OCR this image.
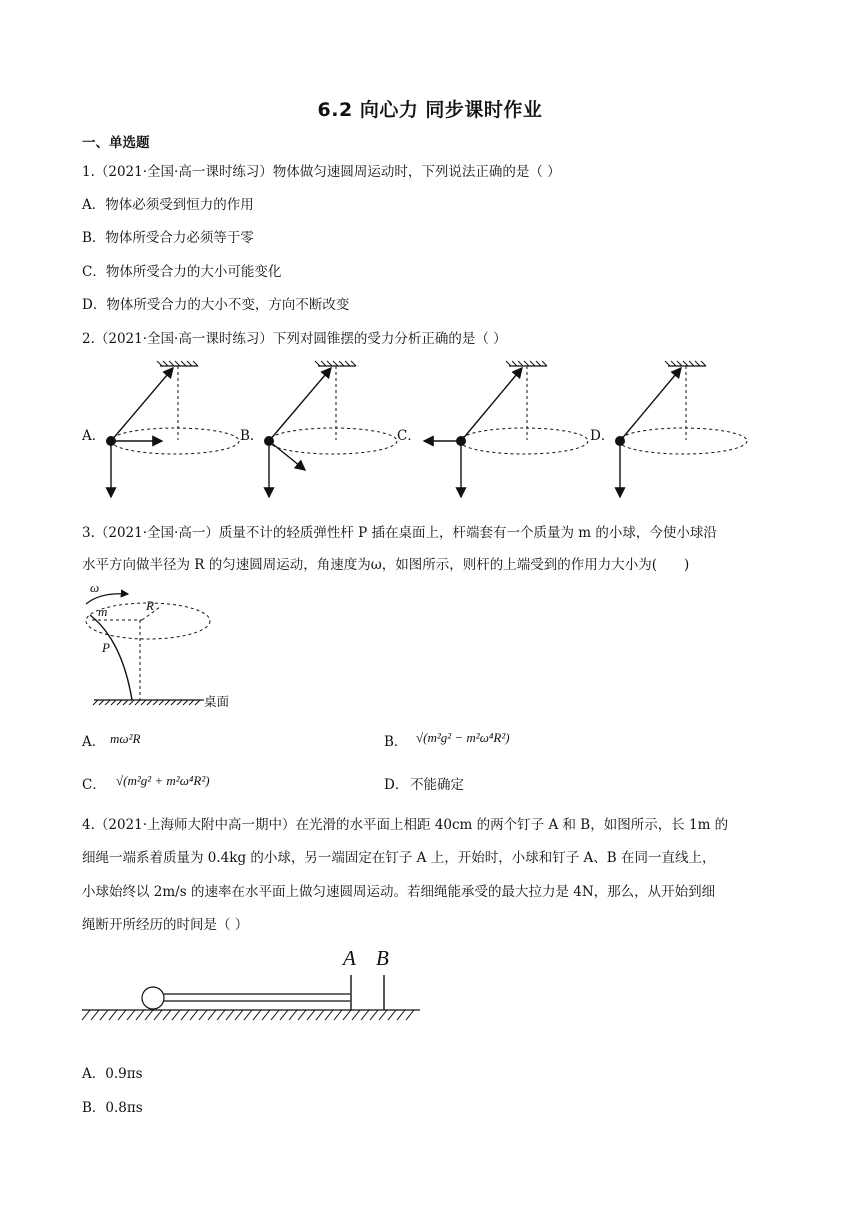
6.2 向心力 同步课时作业
一、单选题
1.（2021·全国·高一课时练习）物体做匀速圆周运动时，下列说法正确的是（ ）
A．物体必须受到恒力的作用
B．物体所受合力必须等于零
C．物体所受合力的大小可能变化
D．物体所受合力的大小不变，方向不断改变
2.（2021·全国·高一课时练习）下列对圆锥摆的受力分析正确的是（ ）
A．	B．	C．	D．
3.（2021·全国·高一）质量不计的轻质弹性杆 P 插在桌面上，杆端套有一个质量为 m 的小球，今使小球沿
水平方向做半径为 R 的匀速圆周运动，角速度为ω，如图所示，则杆的上端受到的作用力大小为(　　)
ω
m	R
P
桌面
A． mω²R	B． √(m²g² − m²ω⁴R²)
C． √(m²g² + m²ω⁴R²)	D． 不能确定
4.（2021·上海师大附中高一期中）在光滑的水平面上相距 40cm 的两个钉子 A 和 B，如图所示，长 1m 的
细绳一端系着质量为 0.4kg 的小球，另一端固定在钉子 A 上，开始时，小球和钉子 A、B 在同一直线上，
小球始终以 2m/s 的速率在水平面上做匀速圆周运动。若细绳能承受的最大拉力是 4N，那么，从开始到细
绳断开所经历的时间是（ ）
A B
A．0.9πs
B．0.8πs
